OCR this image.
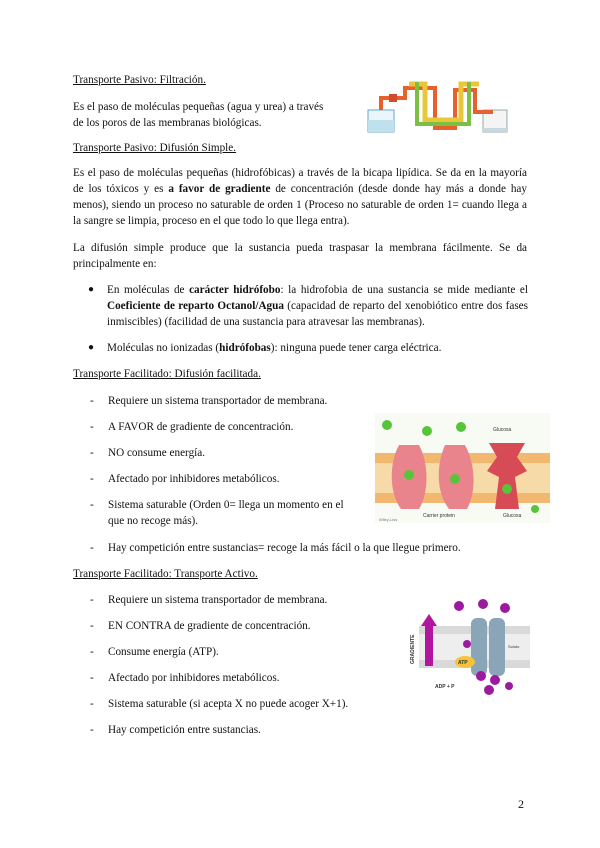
Transporte Pasivo: Filtración.
Es el paso de moléculas pequeñas (agua y urea) a través
de los poros de las membranas biológicas.
Transporte Pasivo: Difusión Simple.
Es el paso de moléculas pequeñas (hidrofóbicas) a través de la bicapa lipídica. Se da en la mayoría de los tóxicos y es a favor de gradiente de concentración (desde donde hay más a donde hay menos), siendo un proceso no saturable de orden 1 (Proceso no saturable de orden 1= cuando llega a la sangre se limpia, proceso en el que todo lo que llega entra).
La difusión simple produce que la sustancia pueda traspasar la membrana fácilmente. Se da principalmente en:
● En moléculas de carácter hidrófobo: la hidrofobia de una sustancia se mide mediante el Coeficiente de reparto Octanol/Agua (capacidad de reparto del xenobiótico entre dos fases inmiscibles) (facilidad de una sustancia para atravesar las membranas).
● Moléculas no ionizadas (hidrófobas): ninguna puede tener carga eléctrica.
Transporte Facilitado: Difusión facilitada.
- Requiere un sistema transportador de membrana.
- A FAVOR de gradiente de concentración.
- NO consume energía.
- Afectado por inhibidores metabólicos.
- Sistema saturable (Orden 0= llega un momento en el
que no recoge más).
- Hay competición entre sustancias= recoge la más fácil o la que llegue primero.
Glucosa
Carrier protein	Glucosa
Wiley-Liss
Transporte Facilitado: Transporte Activo.
- Requiere un sistema transportador de membrana.
- EN CONTRA de gradiente de concentración.
- Consume energía (ATP).
- Afectado por inhibidores metabólicos.
- Sistema saturable (si acepta X no puede acoger X+1).
- Hay competición entre sustancias.
GRADIENTE	ATP
ADP + P
Soluto
2
